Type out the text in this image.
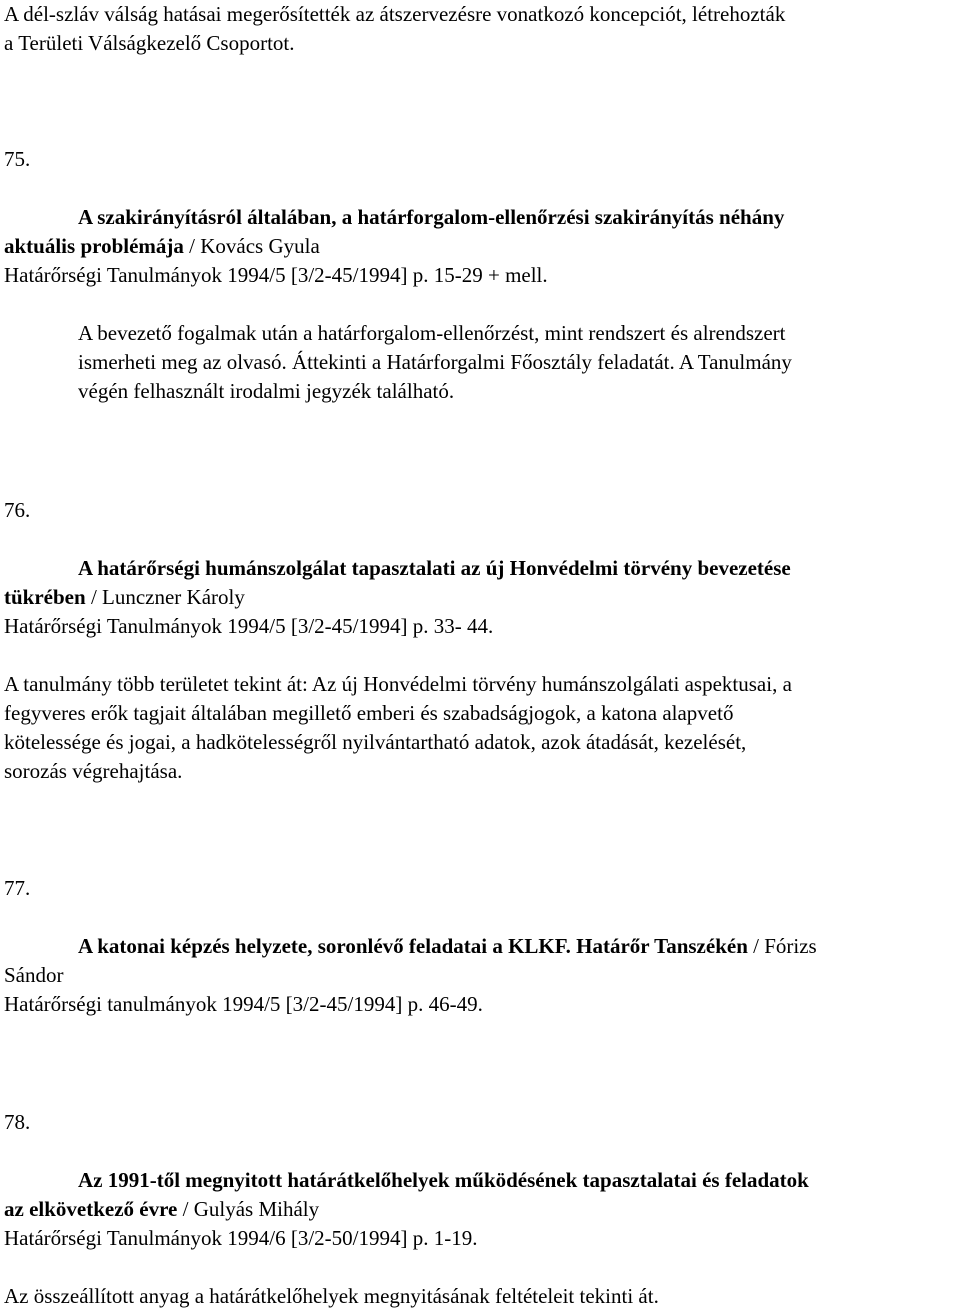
A dél-szláv válság hatásai megerősítették az átszervezésre vonatkozó koncepciót, létrehozták
a Területi Válságkezelő Csoportot.
75.
A szakirányításról általában, a határforgalom-ellenőrzési szakirányítás néhány
aktuális problémája / Kovács Gyula
Határőrségi Tanulmányok 1994/5 [3/2-45/1994] p. 15-29 + mell.
A bevezető fogalmak után a határforgalom-ellenőrzést, mint rendszert és alrendszert
ismerheti meg az olvasó. Áttekinti a Határforgalmi Főosztály feladatát. A Tanulmány
végén felhasznált irodalmi jegyzék található.
76.
A határőrségi humánszolgálat tapasztalati az új Honvédelmi törvény bevezetése
tükrében / Lunczner Károly
Határőrségi Tanulmányok 1994/5 [3/2-45/1994] p. 33- 44.
A tanulmány több területet tekint át: Az új Honvédelmi törvény humánszolgálati aspektusai, a
fegyveres erők tagjait általában megillető emberi és szabadságjogok, a katona alapvető
kötelessége és jogai, a hadkötelességről nyilvántartható adatok, azok átadását, kezelését,
sorozás végrehajtása.
77.
A katonai képzés helyzete, soronlévő feladatai a KLKF. Határőr Tanszékén / Fórizs
Sándor
Határőrségi tanulmányok 1994/5 [3/2-45/1994] p. 46-49.
78.
Az 1991-től megnyitott határátkelőhelyek működésének tapasztalatai és feladatok
az elkövetkező évre / Gulyás Mihály
Határőrségi Tanulmányok 1994/6 [3/2-50/1994] p. 1-19.
Az összeállított anyag a határátkelőhelyek megnyitásának feltételeit tekinti át.
